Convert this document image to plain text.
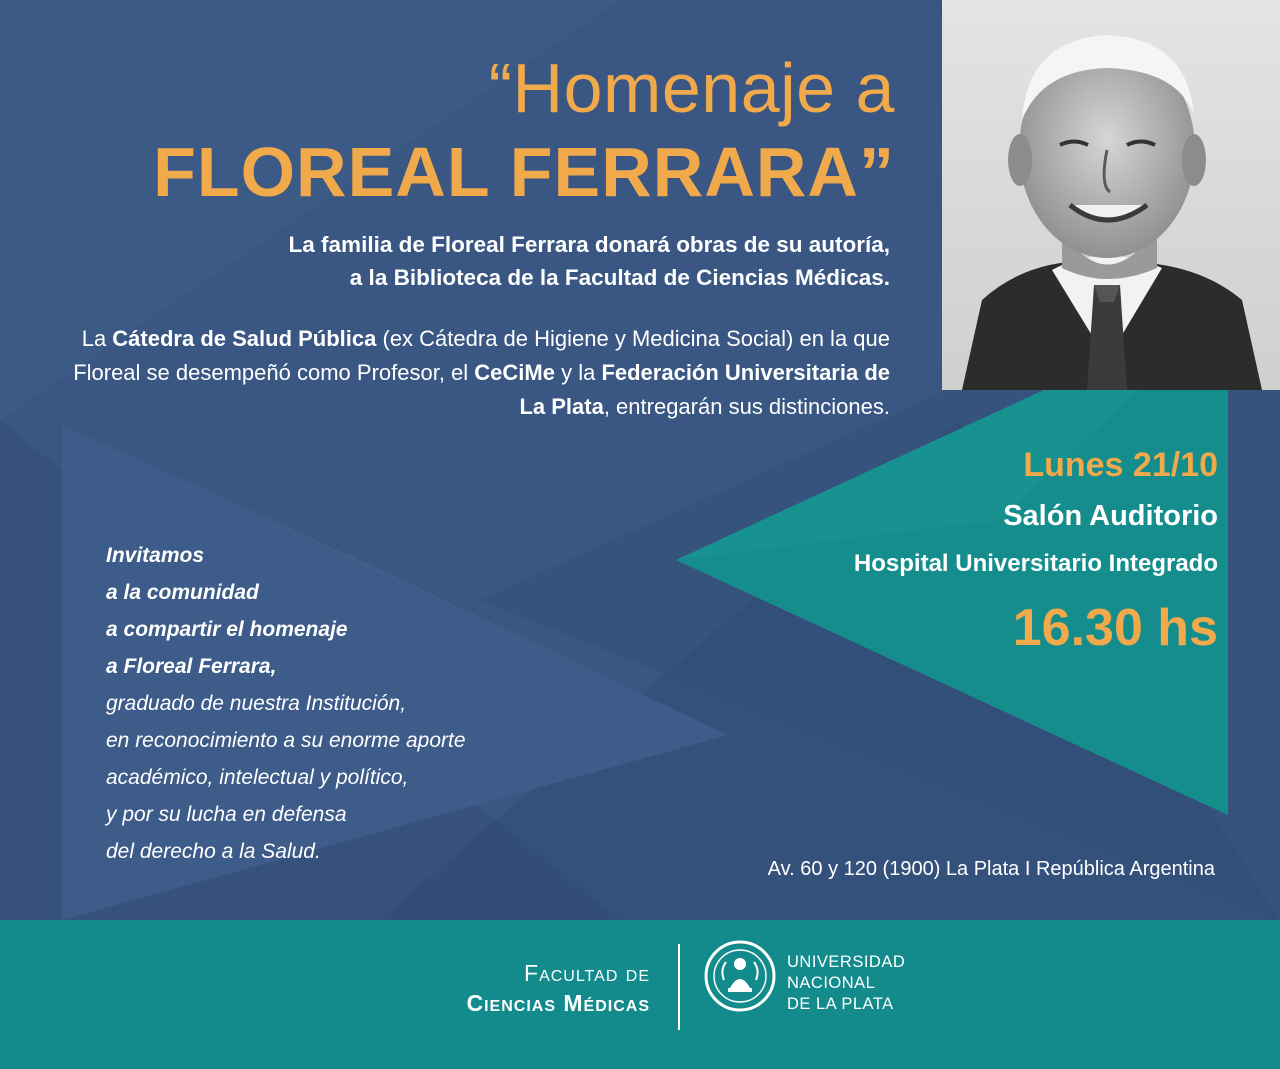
“Homenaje a
FLOREAL FERRARA”
La familia de Floreal Ferrara donará obras de su autoría,
a la Biblioteca de la Facultad de Ciencias Médicas.
La Cátedra de Salud Pública (ex Cátedra de Higiene y Medicina Social) en la que Floreal se desempeñó como Profesor, el CeCiMe y la Federación Universitaria de La Plata, entregarán sus distinciones.
Invitamos
a la comunidad
a compartir el homenaje
a Floreal Ferrara,
graduado de nuestra Institución,
en reconocimiento a su enorme aporte
académico, intelectual y político,
y por su lucha en defensa
del derecho a la Salud.
Lunes 21/10
Salón Auditorio
Hospital Universitario Integrado
16.30 hs
Av. 60 y 120 (1900) La Plata I República Argentina
Facultad de
Ciencias Médicas
UNIVERSIDAD
NACIONAL
DE LA PLATA
